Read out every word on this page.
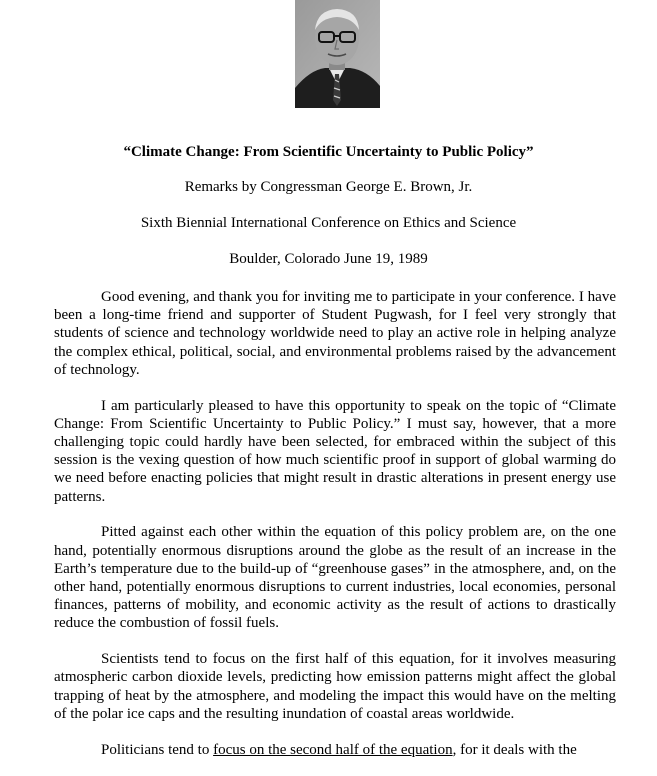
“Climate Change: From Scientific Uncertainty to Public Policy”
Remarks by Congressman George E. Brown, Jr.
Sixth Biennial International Conference on Ethics and Science
Boulder, Colorado June 19, 1989

Good evening, and thank you for inviting me to participate in your conference. I have been a long-time friend and supporter of Student Pugwash, for I feel very strongly that students of science and technology worldwide need to play an active role in helping analyze the complex ethical, political, social, and environmental problems raised by the advancement of technology.

I am particularly pleased to have this opportunity to speak on the topic of “Climate Change: From Scientific Uncertainty to Public Policy.” I must say, however, that a more challenging topic could hardly have been selected, for embraced within the subject of this session is the vexing question of how much scientific proof in support of global warming do we need before enacting policies that might result in drastic alterations in present energy use patterns.

Pitted against each other within the equation of this policy problem are, on the one hand, potentially enormous disruptions around the globe as the result of an increase in the Earth’s temperature due to the build-up of “greenhouse gases” in the atmosphere, and, on the other hand, potentially enormous disruptions to current industries, local economies, personal finances, patterns of mobility, and economic activity as the result of actions to drastically reduce the combustion of fossil fuels.

Scientists tend to focus on the first half of this equation, for it involves measuring atmospheric carbon dioxide levels, predicting how emission patterns might affect the global trapping of heat by the atmosphere, and modeling the impact this would have on the melting of the polar ice caps and the resulting inundation of coastal areas worldwide.

Politicians tend to focus on the second half of the equation, for it deals with the
